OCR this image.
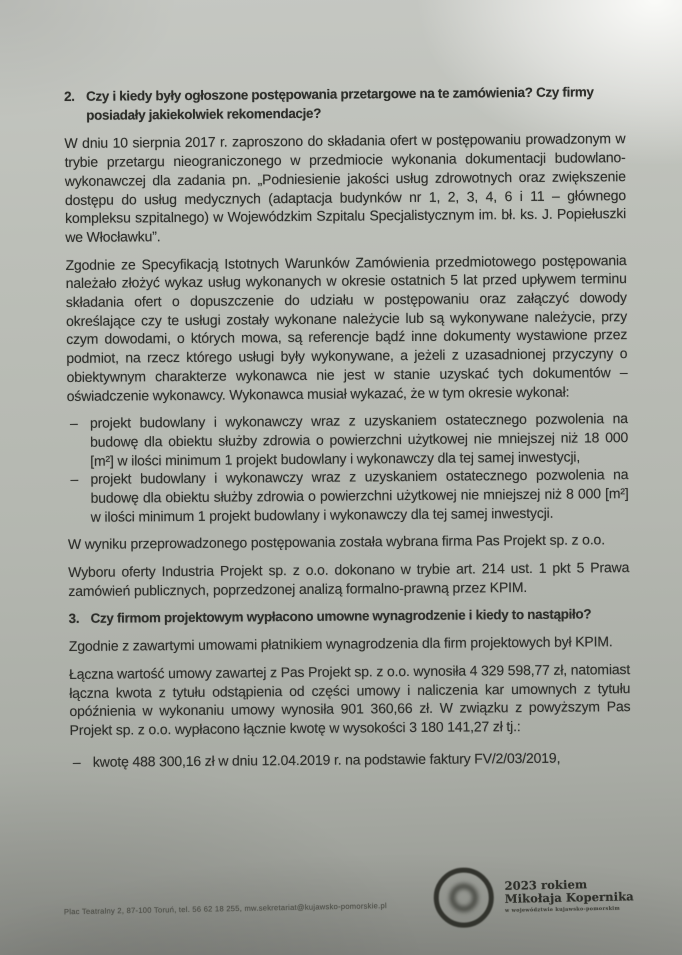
2. Czy i kiedy były ogłoszone postępowania przetargowe na te zamówienia? Czy firmy posiadały jakiekolwiek rekomendacje?

W dniu 10 sierpnia 2017 r. zaproszono do składania ofert w postępowaniu prowadzonym w trybie przetargu nieograniczonego w przedmiocie wykonania dokumentacji budowlano-wykonawczej dla zadania pn. „Podniesienie jakości usług zdrowotnych oraz zwiększenie dostępu do usług medycznych (adaptacja budynków nr 1, 2, 3, 4, 6 i 11 – głównego kompleksu szpitalnego) w Wojewódzkim Szpitalu Specjalistycznym im. bł. ks. J. Popiełuszki we Włocławku”.

Zgodnie ze Specyfikacją Istotnych Warunków Zamówienia przedmiotowego postępowania należało złożyć wykaz usług wykonanych w okresie ostatnich 5 lat przed upływem terminu składania ofert o dopuszczenie do udziału w postępowaniu oraz załączyć dowody określające czy te usługi zostały wykonane należycie lub są wykonywane należycie, przy czym dowodami, o których mowa, są referencje bądź inne dokumenty wystawione przez podmiot, na rzecz którego usługi były wykonywane, a jeżeli z uzasadnionej przyczyny o obiektywnym charakterze wykonawca nie jest w stanie uzyskać tych dokumentów – oświadczenie wykonawcy. Wykonawca musiał wykazać, że w tym okresie wykonał:

– projekt budowlany i wykonawczy wraz z uzyskaniem ostatecznego pozwolenia na budowę dla obiektu służby zdrowia o powierzchni użytkowej nie mniejszej niż 18 000 [m²] w ilości minimum 1 projekt budowlany i wykonawczy dla tej samej inwestycji,
– projekt budowlany i wykonawczy wraz z uzyskaniem ostatecznego pozwolenia na budowę dla obiektu służby zdrowia o powierzchni użytkowej nie mniejszej niż 8 000 [m²] w ilości minimum 1 projekt budowlany i wykonawczy dla tej samej inwestycji.

W wyniku przeprowadzonego postępowania została wybrana firma Pas Projekt sp. z o.o.

Wyboru oferty Industria Projekt sp. z o.o. dokonano w trybie art. 214 ust. 1 pkt 5 Prawa zamówień publicznych, poprzedzonej analizą formalno-prawną przez KPIM.

3. Czy firmom projektowym wypłacono umowne wynagrodzenie i kiedy to nastąpiło?

Zgodnie z zawartymi umowami płatnikiem wynagrodzenia dla firm projektowych był KPIM.

Łączna wartość umowy zawartej z Pas Projekt sp. z o.o. wynosiła 4 329 598,77 zł, natomiast łączna kwota z tytułu odstąpienia od części umowy i naliczenia kar umownych z tytułu opóźnienia w wykonaniu umowy wynosiła 901 360,66 zł. W związku z powyższym Pas Projekt sp. z o.o. wypłacono łącznie kwotę w wysokości 3 180 141,27 zł tj.:

– kwotę 488 300,16 zł w dniu 12.04.2019 r. na podstawie faktury FV/2/03/2019,
Plac Teatralny 2, 87-100 Toruń, tel. 56 62 18 255, mw.sekretariat@kujawsko-pomorskie.pl
2023 rokiem
Mikołaja Kopernika
w województwie kujawsko-pomorskim
